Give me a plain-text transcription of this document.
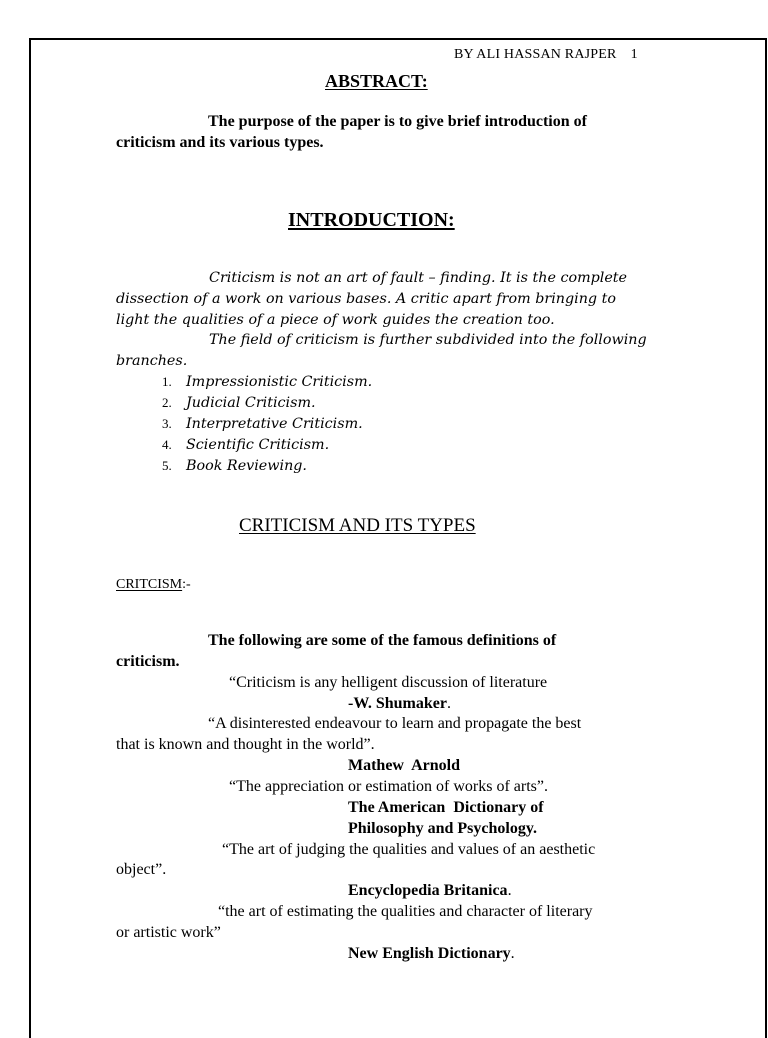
BY ALI HASSAN RAJPER 1
ABSTRACT:
The purpose of the paper is to give brief introduction of
criticism and its various types.
INTRODUCTION:
Criticism is not an art of fault – finding. It is the complete
dissection of a work on various bases. A critic apart from bringing to
light the qualities of a piece of work guides the creation too.
The field of criticism is further subdivided into the following
branches.
1. Impressionistic Criticism.
2. Judicial Criticism.
3. Interpretative Criticism.
4. Scientific Criticism.
5. Book Reviewing.
CRITICISM AND ITS TYPES
CRITCISM:-
The following are some of the famous definitions of
criticism.
“Criticism is any helligent discussion of literature
-W. Shumaker.
“A disinterested endeavour to learn and propagate the best
that is known and thought in the world”.
Mathew  Arnold
“The appreciation or estimation of works of arts”.
The American  Dictionary of
Philosophy and Psychology.
“The art of judging the qualities and values of an aesthetic
object”.
Encyclopedia Britanica.
“the art of estimating the qualities and character of literary
or artistic work”
New English Dictionary.
